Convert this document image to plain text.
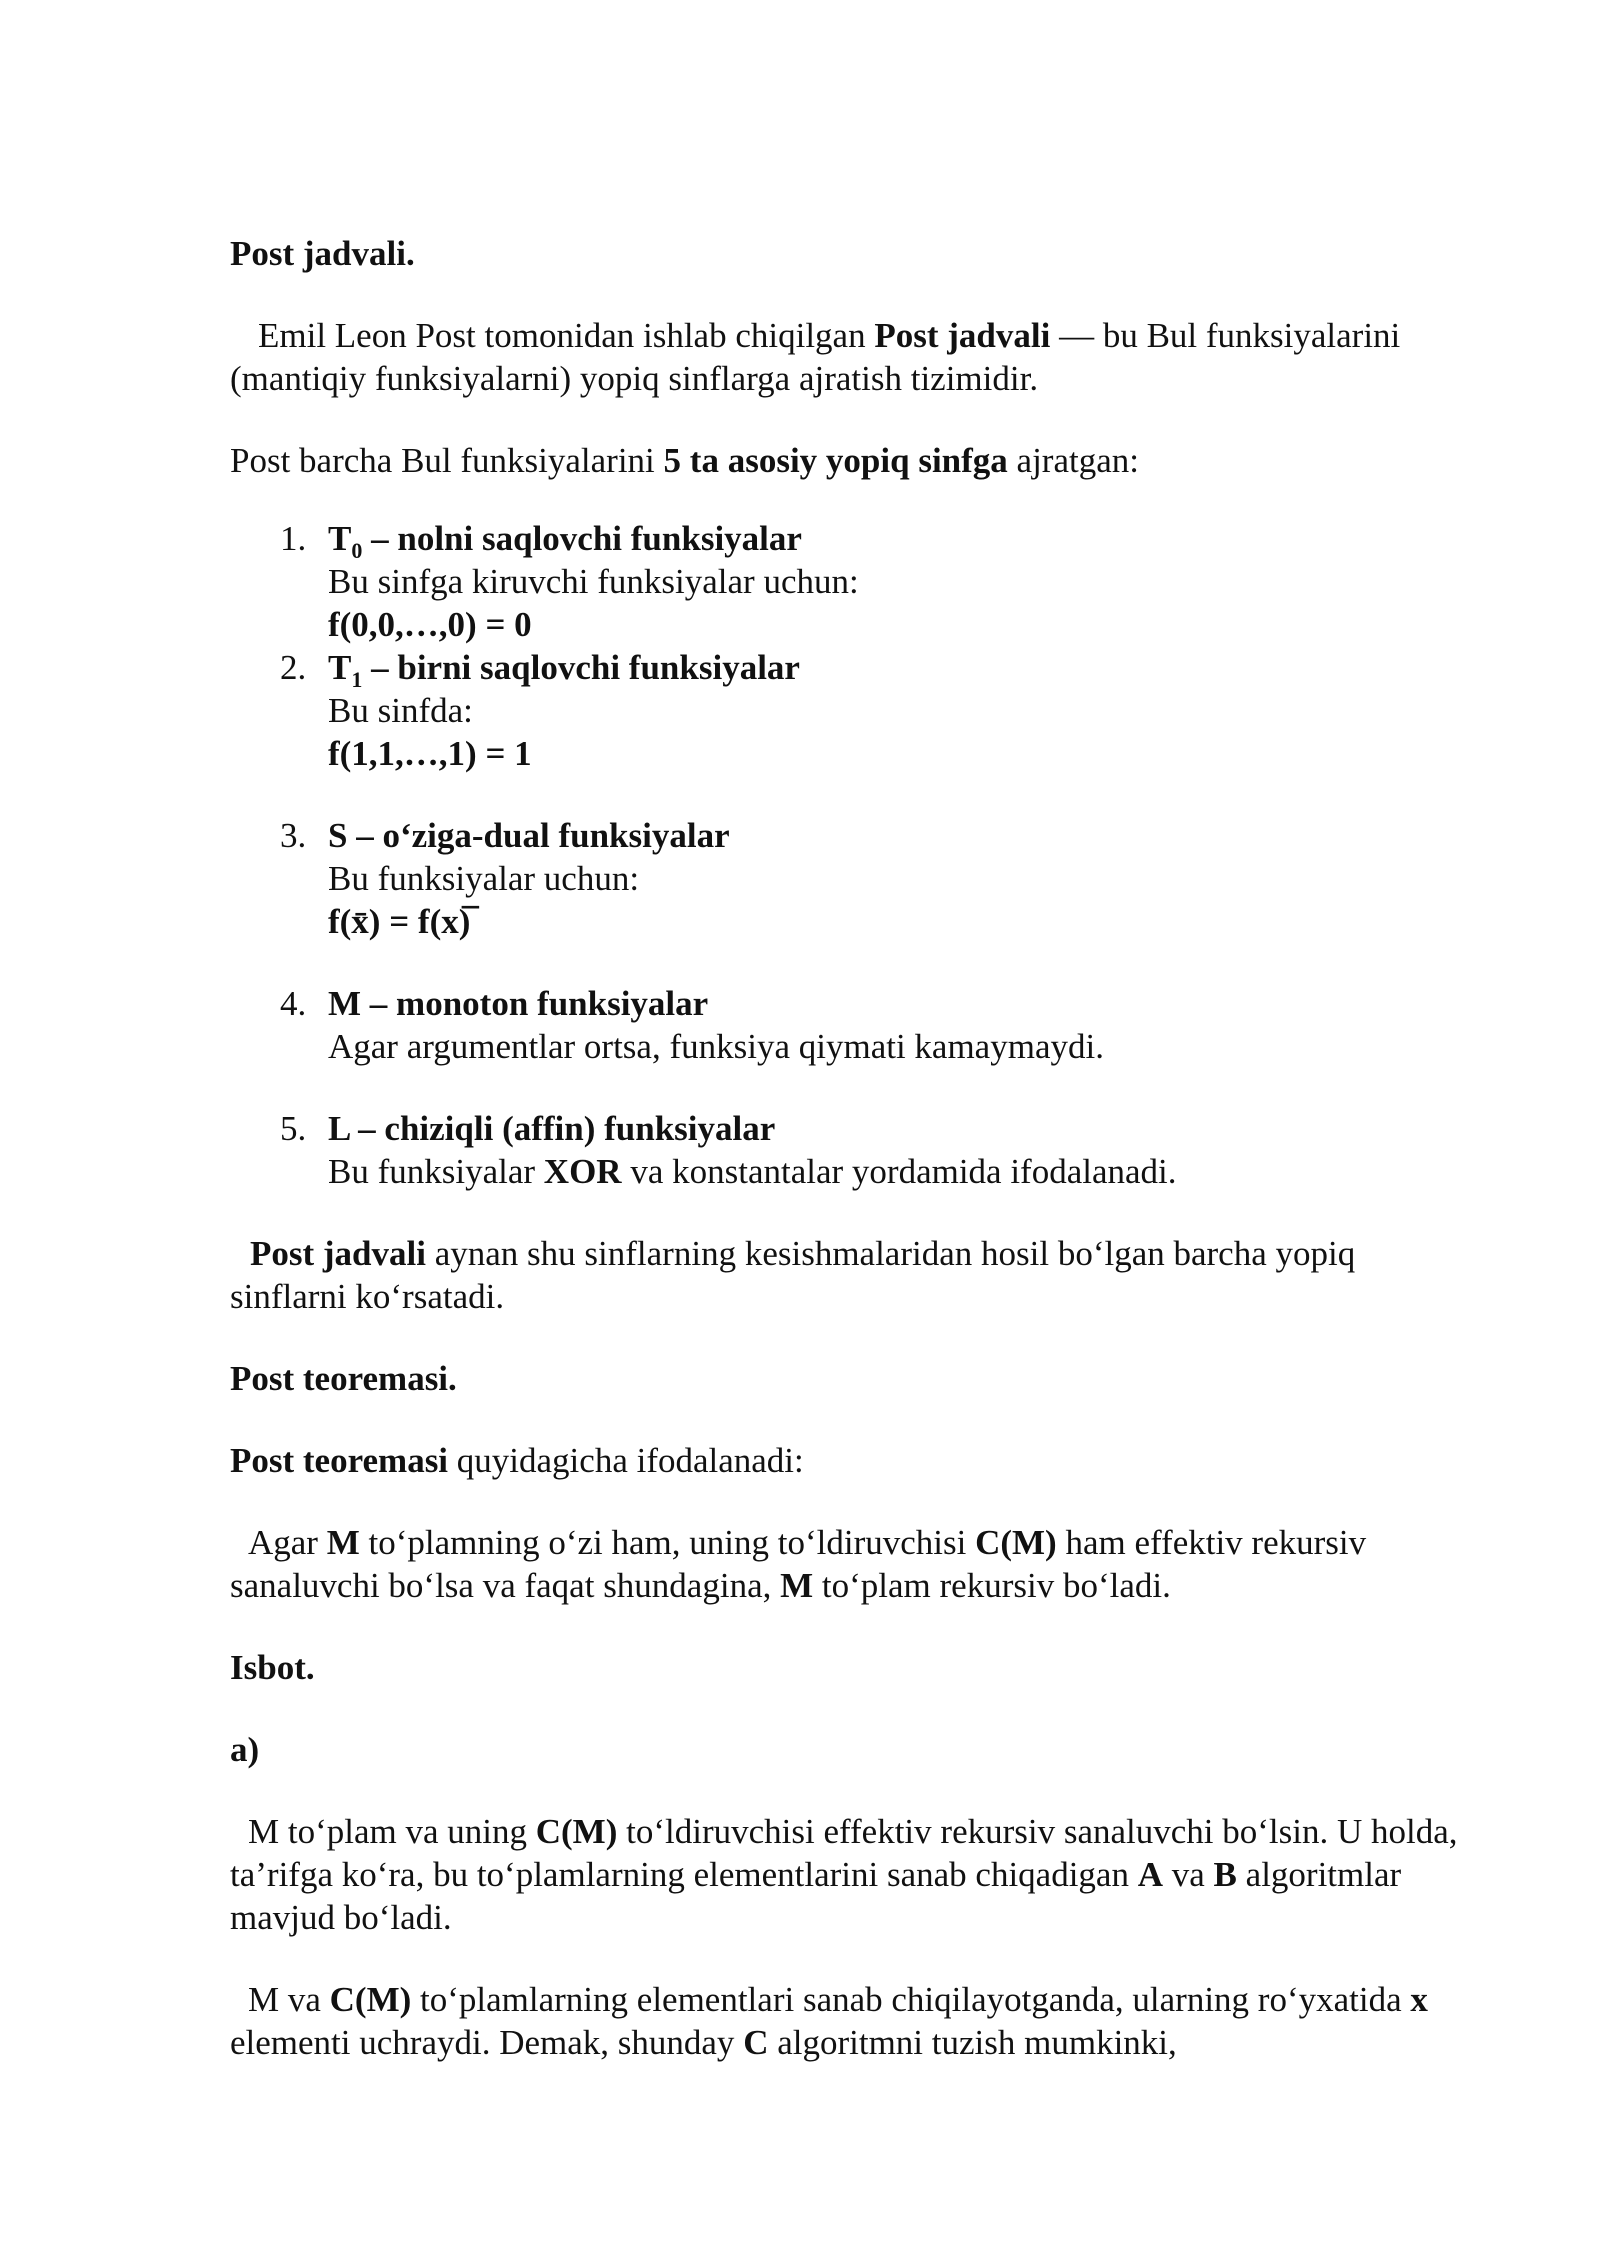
Post jadvali.

Emil Leon Post tomonidan ishlab chiqilgan Post jadvali — bu Bul funksiyalarini (mantiqiy funksiyalarni) yopiq sinflarga ajratish tizimidir.

Post barcha Bul funksiyalarini 5 ta asosiy yopiq sinfga ajratgan:

1. $T_0$ – nolni saqlovchi funksiyalar
Bu sinfga kiruvchi funksiyalar uchun:
f(0,0,…,0) = 0
2. $T_1$ – birni saqlovchi funksiyalar
Bu sinfda:
f(1,1,…,1) = 1
3. S – o‘ziga-dual funksiyalar
Bu funksiyalar uchun:
f(x̄) = f(x)̅
4. M – monoton funksiyalar
Agar argumentlar ortsa, funksiya qiymati kamaymaydi.
5. L – chiziqli (affin) funksiyalar
Bu funksiyalar XOR va konstantalar yordamida ifodalanadi.

Post jadvali aynan shu sinflarning kesishmalaridan hosil bo‘lgan barcha yopiq sinflarni ko‘rsatadi.

Post teoremasi.

Post teoremasi quyidagicha ifodalanadi:

Agar M to‘plamning o‘zi ham, uning to‘ldiruvchisi C(M) ham effektiv rekursiv sanaluvchi bo‘lsa va faqat shundagina, M to‘plam rekursiv bo‘ladi.

Isbot.

a)

M to‘plam va uning C(M) to‘ldiruvchisi effektiv rekursiv sanaluvchi bo‘lsin. U holda, ta’rifga ko‘ra, bu to‘plamlarning elementlarini sanab chiqadigan A va B algoritmlar mavjud bo‘ladi.

M va C(M) to‘plamlarning elementlari sanab chiqilayotganda, ularning ro‘yxatida x elementi uchraydi. Demak, shunday C algoritmni tuzish mumkinki,
